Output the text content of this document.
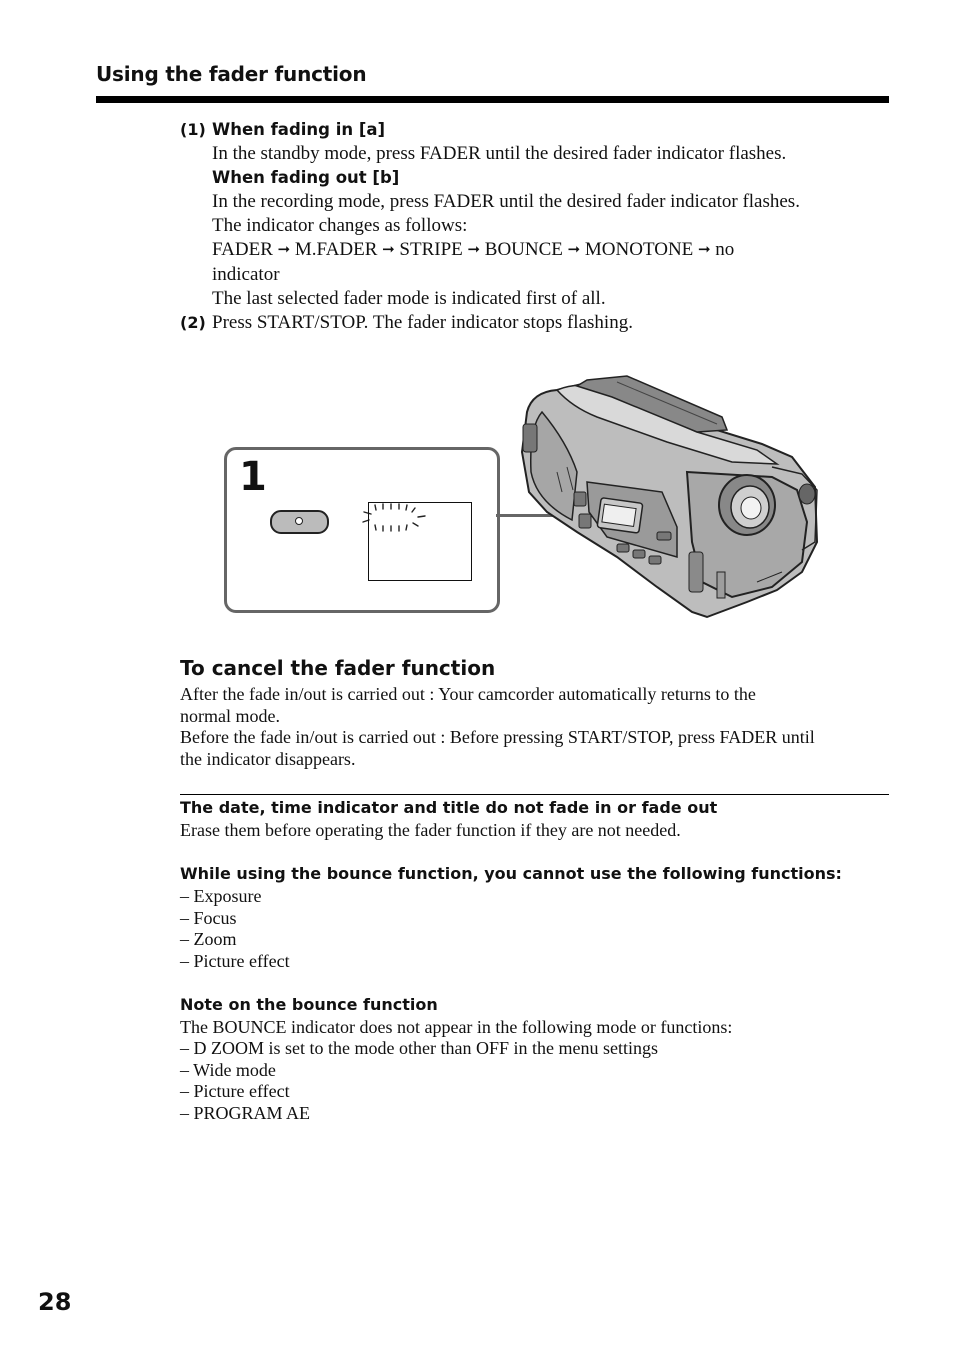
Using the fader function
(1) When fading in [a]
In the standby mode, press FADER until the desired fader indicator flashes.
When fading out [b]
In the recording mode, press FADER until the desired fader indicator flashes.
The indicator changes as follows:
FADER ➞ M.FADER ➞ STRIPE ➞ BOUNCE ➞ MONOTONE ➞ no
indicator
The last selected fader mode is indicated first of all.
(2) Press START/STOP. The fader indicator stops flashing.
1
To cancel the fader function
After the fade in/out is carried out : Your camcorder automatically returns to the
normal mode.
Before the fade in/out is carried out : Before pressing START/STOP, press FADER until
the indicator disappears.
The date, time indicator and title do not fade in or fade out
Erase them before operating the fader function if they are not needed.
While using the bounce function, you cannot use the following functions:
– Exposure
– Focus
– Zoom
– Picture effect
Note on the bounce function
The BOUNCE indicator does not appear in the following mode or functions:
– D ZOOM is set to the mode other than OFF in the menu settings
– Wide mode
– Picture effect
– PROGRAM AE
28
